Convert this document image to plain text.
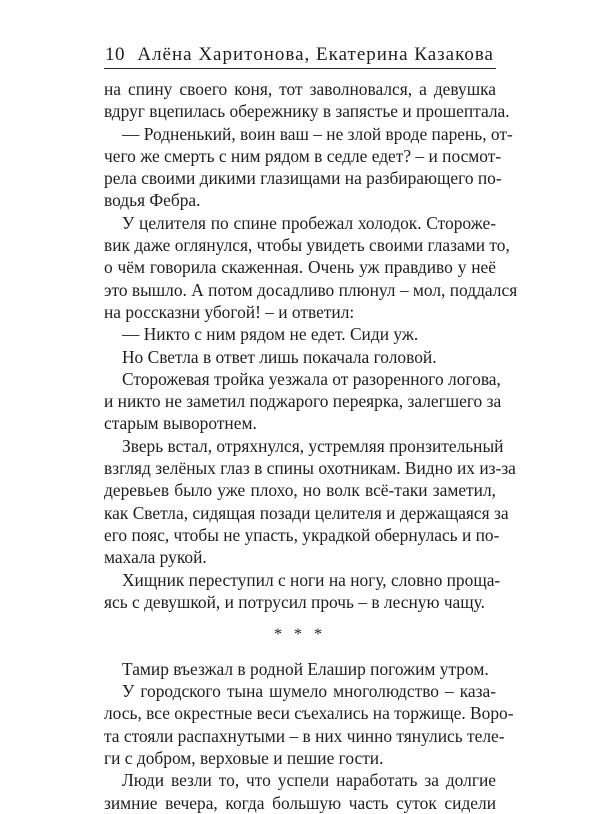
10 Алёна Харитонова, Екатерина Казакова
на спину своего коня, тот заволновался, а девушка
вдруг вцепилась обережнику в запястье и прошептала.
— Родненький, воин ваш – не злой вроде парень, от-
чего же смерть с ним рядом в седле едет? – и посмот-
рела своими дикими глазищами на разбирающего по-
водья Фебра.
У целителя по спине пробежал холодок. Стороже-
вик даже оглянулся, чтобы увидеть своими глазами то,
о чём говорила скаженная. Очень уж правдиво у неё
это вышло. А потом досадливо плюнул – мол, поддался
на россказни убогой! – и ответил:
— Никто с ним рядом не едет. Сиди уж.
Но Светла в ответ лишь покачала головой.
Сторожевая тройка уезжала от разоренного логова,
и никто не заметил поджарого переярка, залегшего за
старым выворотнем.
Зверь встал, отряхнулся, устремляя пронзительный
взгляд зелёных глаз в спины охотникам. Видно их из-за
деревьев было уже плохо, но волк всё-таки заметил,
как Светла, сидящая позади целителя и держащаяся за
его пояс, чтобы не упасть, украдкой обернулась и по-
махала рукой.
Хищник переступил с ноги на ногу, словно проща-
ясь с девушкой, и потрусил прочь – в лесную чащу.
* * *
Тамир въезжал в родной Елашир погожим утром.
У городского тына шумело многолюдство – каза-
лось, все окрестные веси съехались на торжище. Воро-
та стояли распахнутыми – в них чинно тянулись теле-
ги с добром, верховые и пешие гости.
Люди везли то, что успели наработать за долгие
зимние вечера, когда большую часть суток сидели
